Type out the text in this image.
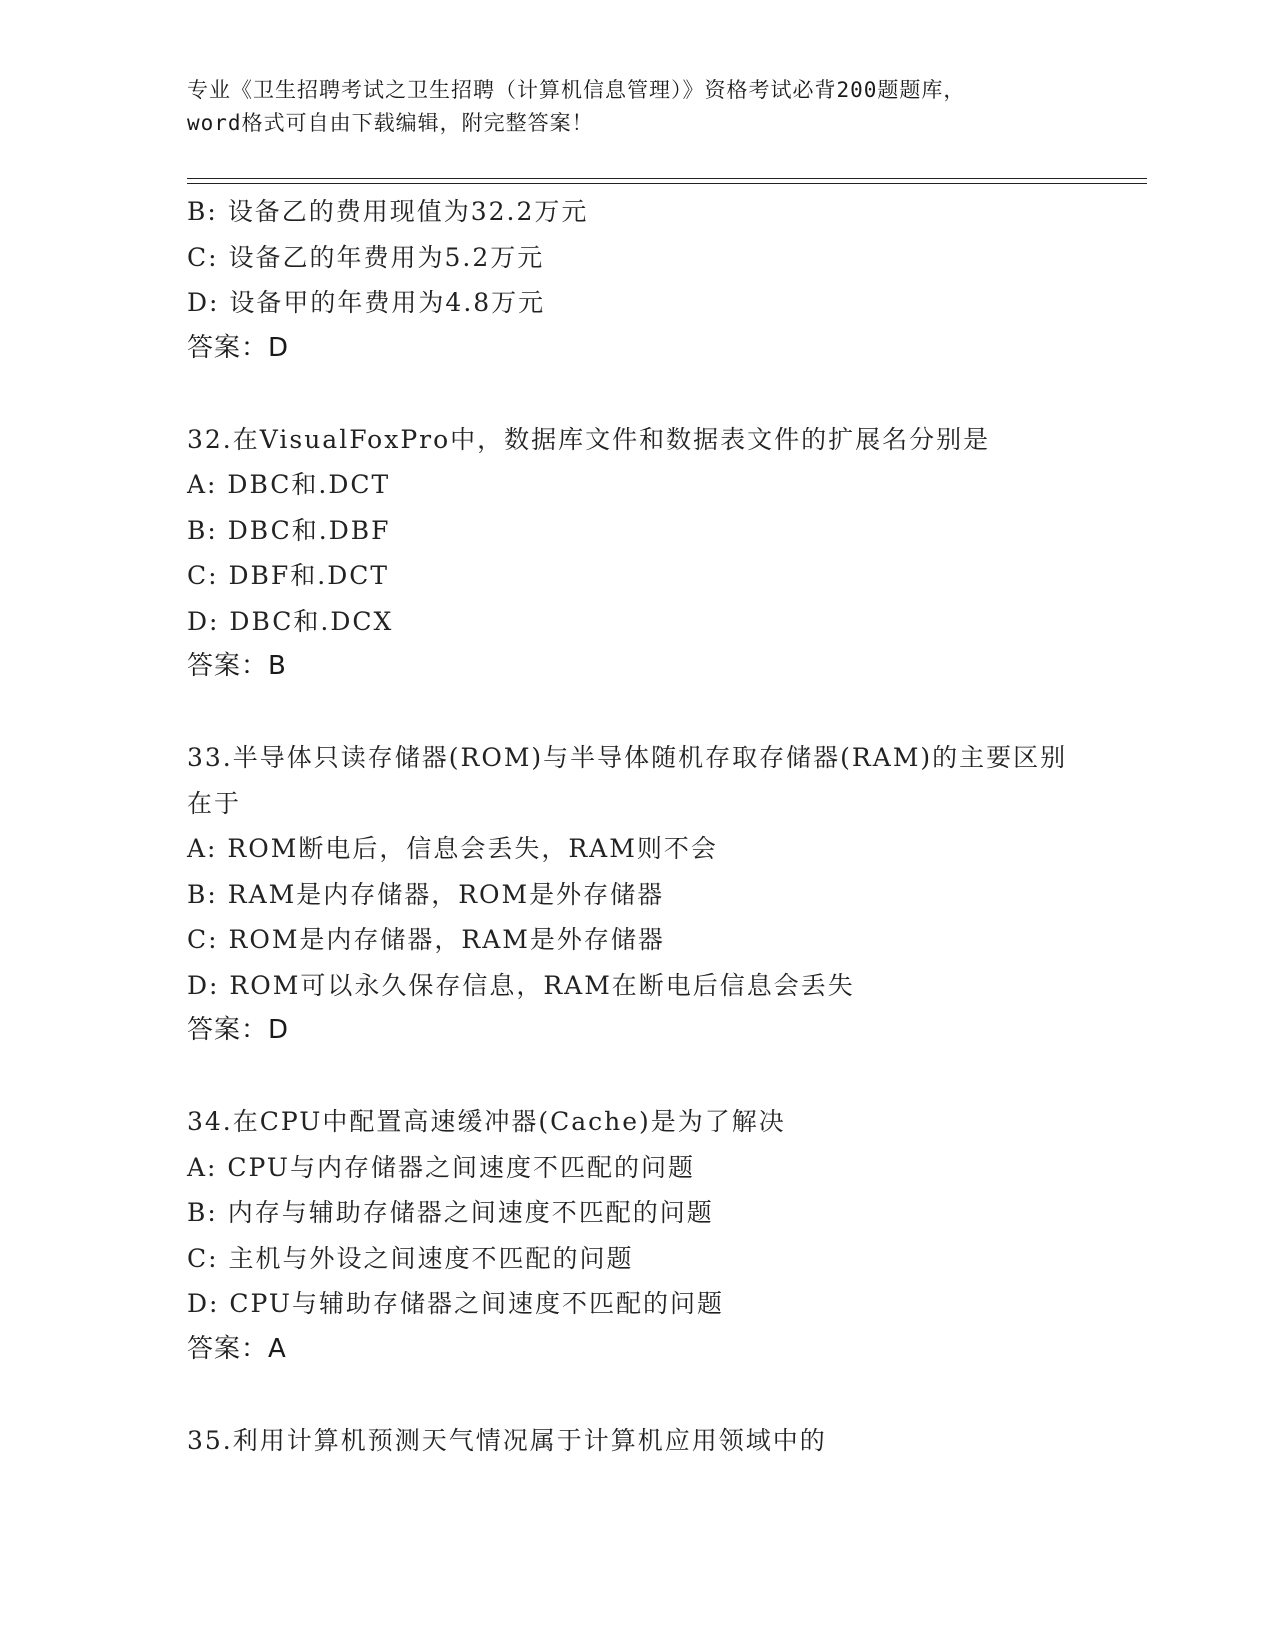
专业《卫生招聘考试之卫生招聘（计算机信息管理）》资格考试必背200题题库，
word格式可自由下载编辑，附完整答案！
B: 设备乙的费用现值为32.2万元
C: 设备乙的年费用为5.2万元
D: 设备甲的年费用为4.8万元
答案：D
32.在VisualFoxPro中，数据库文件和数据表文件的扩展名分别是
A: DBC和.DCT
B: DBC和.DBF
C: DBF和.DCT
D: DBC和.DCX
答案：B
33.半导体只读存储器(ROM)与半导体随机存取存储器(RAM)的主要区别
在于
A: ROM断电后，信息会丢失，RAM则不会
B: RAM是内存储器，ROM是外存储器
C: ROM是内存储器，RAM是外存储器
D: ROM可以永久保存信息，RAM在断电后信息会丢失
答案：D
34.在CPU中配置高速缓冲器(Cache)是为了解决
A: CPU与内存储器之间速度不匹配的问题
B: 内存与辅助存储器之间速度不匹配的问题
C: 主机与外设之间速度不匹配的问题
D: CPU与辅助存储器之间速度不匹配的问题
答案：A
35.利用计算机预测天气情况属于计算机应用领域中的
